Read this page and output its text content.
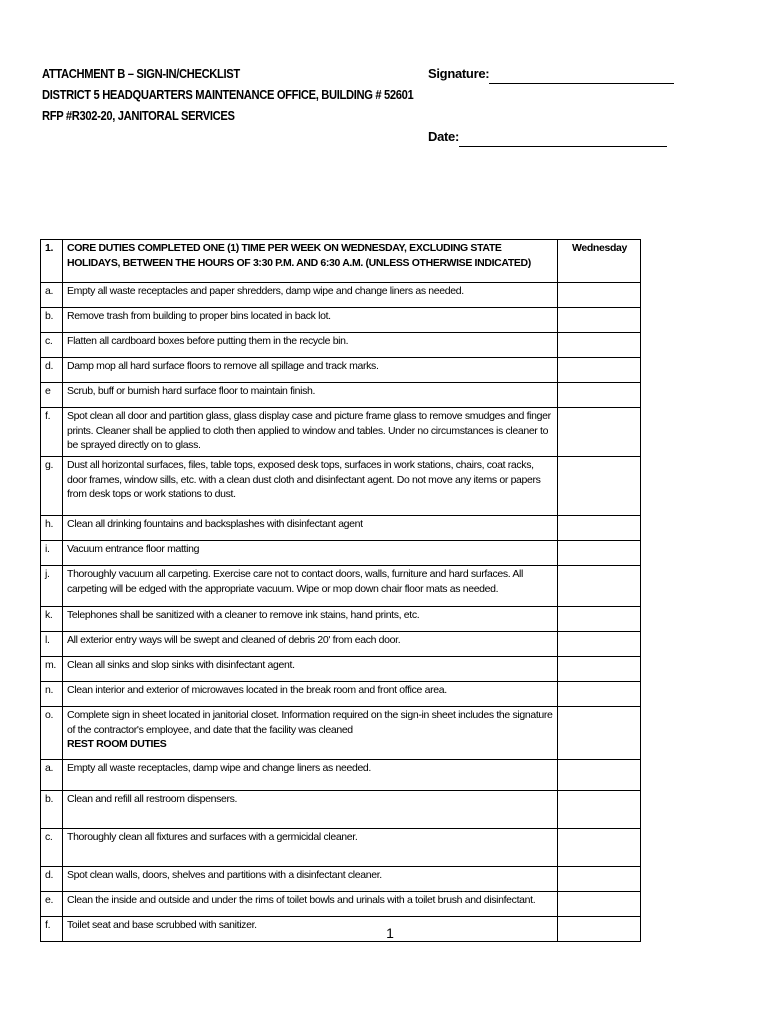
ATTACHMENT B – SIGN-IN/CHECKLIST
DISTRICT 5 HEADQUARTERS MAINTENANCE OFFICE, BUILDING # 52601
RFP #R302-20, JANITORAL SERVICES
Signature:
Date:
1.	CORE DUTIES COMPLETED ONE (1) TIME PER WEEK ON WEDNESDAY, EXCLUDING STATE HOLIDAYS, BETWEEN THE HOURS OF 3:30 P.M. AND 6:30 A.M. (UNLESS OTHERWISE INDICATED)	Wednesday
a.	Empty all waste receptacles and paper shredders, damp wipe and change liners as needed.	
b.	Remove trash from building to proper bins located in back lot.	
c.	Flatten all cardboard boxes before putting them in the recycle bin.	
d.	Damp mop all hard surface floors to remove all spillage and track marks.	
e	Scrub, buff or burnish hard surface floor to maintain finish.	
f.	Spot clean all door and partition glass, glass display case and picture frame glass to remove smudges and finger prints. Cleaner shall be applied to cloth then applied to window and tables. Under no circumstances is cleaner to be sprayed directly on to glass.	
g.	Dust all horizontal surfaces, files, table tops, exposed desk tops, surfaces in work stations, chairs, coat racks, door frames, window sills, etc. with a clean dust cloth and disinfectant agent. Do not move any items or papers from desk tops or work stations to dust.	
h.	Clean all drinking fountains and backsplashes with disinfectant agent	
i.	Vacuum entrance floor matting	
j.	Thoroughly vacuum all carpeting. Exercise care not to contact doors, walls, furniture and hard surfaces. All carpeting will be edged with the appropriate vacuum. Wipe or mop down chair floor mats as needed.	
k.	Telephones shall be sanitized with a cleaner to remove ink stains, hand prints, etc.	
l.	All exterior entry ways will be swept and cleaned of debris 20' from each door.	
m.	Clean all sinks and slop sinks with disinfectant agent.	
n.	Clean interior and exterior of microwaves located in the break room and front office area.	
o.	Complete sign in sheet located in janitorial closet. Information required on the sign-in sheet includes the signature of the contractor's employee, and date that the facility was cleaned
REST ROOM DUTIES	

a.	Empty all waste receptacles, damp wipe and change liners as needed.	
b.	Clean and refill all restroom dispensers.	
c.	Thoroughly clean all fixtures and surfaces with a germicidal cleaner.	
d.	Spot clean walls, doors, shelves and partitions with a disinfectant cleaner.	
e.	Clean the inside and outside and under the rims of toilet bowls and urinals with a toilet brush and disinfectant.	
f.	Toilet seat and base scrubbed with sanitizer.		1
